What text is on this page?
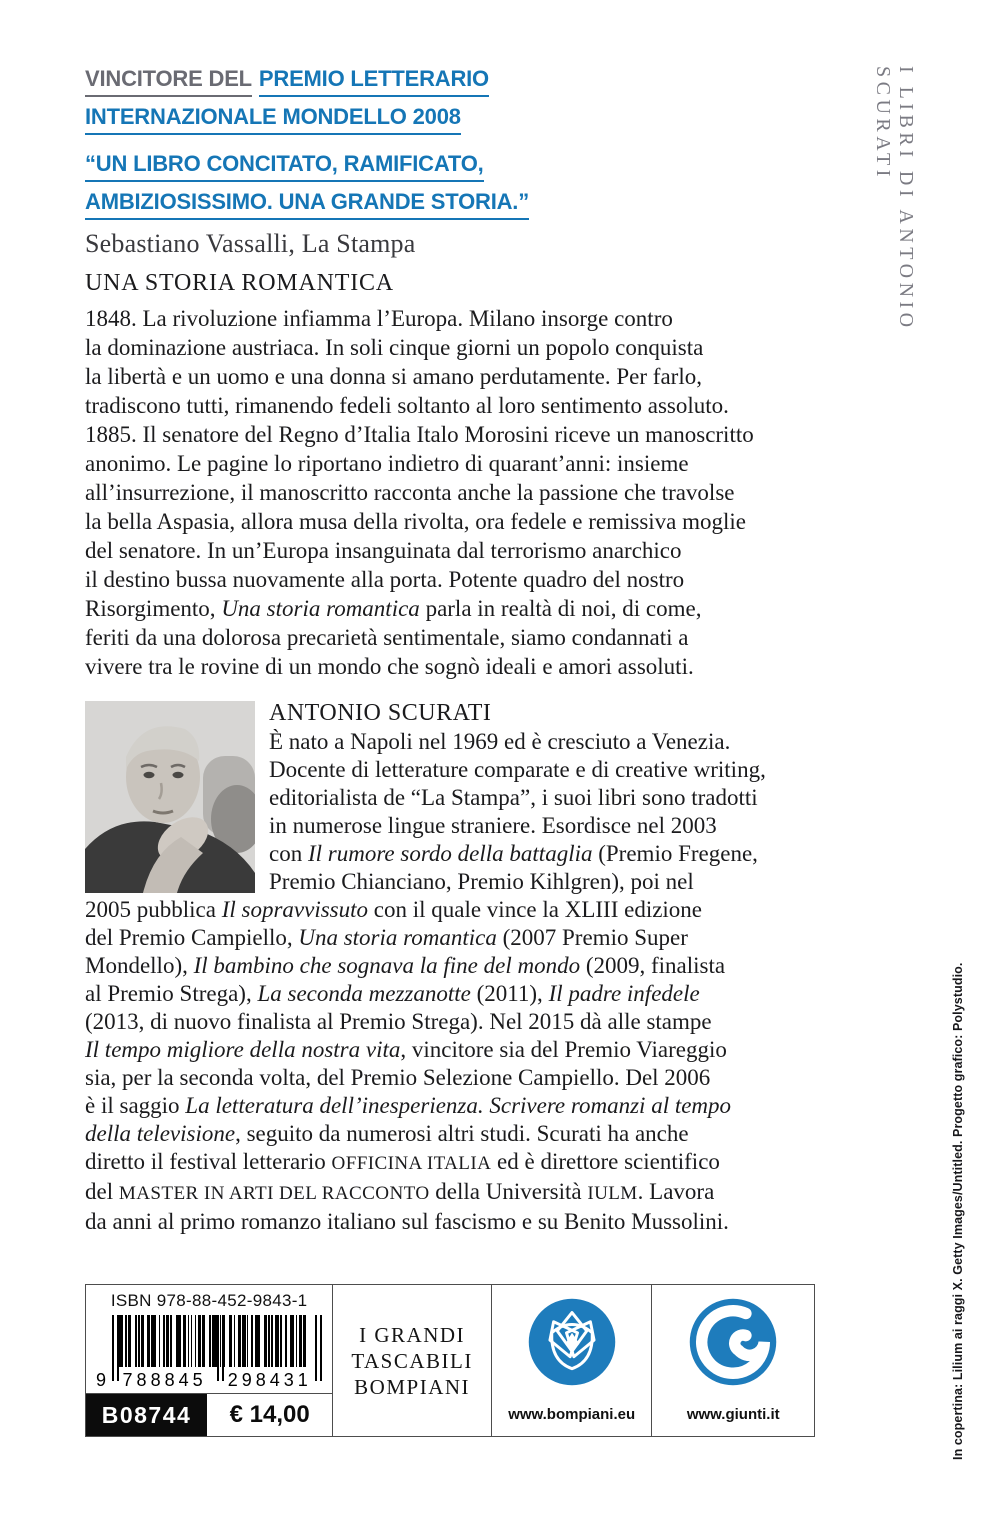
VINCITORE DEL PREMIO LETTERARIO
INTERNAZIONALE MONDELLO 2008
“UN LIBRO CONCITATO, RAMIFICATO,
AMBIZIOSISSIMO. UNA GRANDE STORIA.”
Sebastiano Vassalli, La Stampa
UNA STORIA ROMANTICA

1848. La rivoluzione infiamma l’Europa. Milano insorge contro
la dominazione austriaca. In soli cinque giorni un popolo conquista
la libertà e un uomo e una donna si amano perdutamente. Per farlo,
tradiscono tutti, rimanendo fedeli soltanto al loro sentimento assoluto.
1885. Il senatore del Regno d’Italia Italo Morosini riceve un manoscritto
anonimo. Le pagine lo riportano indietro di quarant’anni: insieme
all’insurrezione, il manoscritto racconta anche la passione che travolse
la bella Aspasia, allora musa della rivolta, ora fedele e remissiva moglie
del senatore. In un’Europa insanguinata dal terrorismo anarchico
il destino bussa nuovamente alla porta. Potente quadro del nostro
Risorgimento, Una storia romantica parla in realtà di noi, di come,
feriti da una dolorosa precarietà sentimentale, siamo condannati a
vivere tra le rovine di un mondo che sognò ideali e amori assoluti.

ANTONIO SCURATI

È nato a Napoli nel 1969 ed è cresciuto a Venezia.
Docente di letterature comparate e di creative writing,
editorialista de “La Stampa”, i suoi libri sono tradotti
in numerose lingue straniere. Esordisce nel 2003
con Il rumore sordo della battaglia (Premio Fregene,
Premio Chianciano, Premio Kihlgren), poi nel
2005 pubblica Il sopravvissuto con il quale vince la XLIII edizione
del Premio Campiello, Una storia romantica (2007 Premio Super
Mondello), Il bambino che sognava la fine del mondo (2009, finalista
al Premio Strega), La seconda mezzanotte (2011), Il padre infedele
(2013, di nuovo finalista al Premio Strega). Nel 2015 dà alle stampe
Il tempo migliore della nostra vita, vincitore sia del Premio Viareggio
sia, per la seconda volta, del Premio Selezione Campiello. Del 2006
è il saggio La letteratura dell’inesperienza. Scrivere romanzi al tempo
della televisione, seguito da numerosi altri studi. Scurati ha anche
diretto il festival letterario OFFICINA ITALIA ed è direttore scientifico
del MASTER IN ARTI DEL RACCONTO della Università IULM. Lavora
da anni al primo romanzo italiano sul fascismo e su Benito Mussolini.

I LIBRI DI ANTONIO SCURATI
In copertina: Lilium ai raggi X. Getty Images/Untitled. Progetto grafico: Polystudio.
ISBN 978-88-452-9843-1
9 788845	298431
B08744	€ 14,00
I GRANDI
TASCABILI
BOMPIANI
www.bompiani.eu	www.giunti.it
